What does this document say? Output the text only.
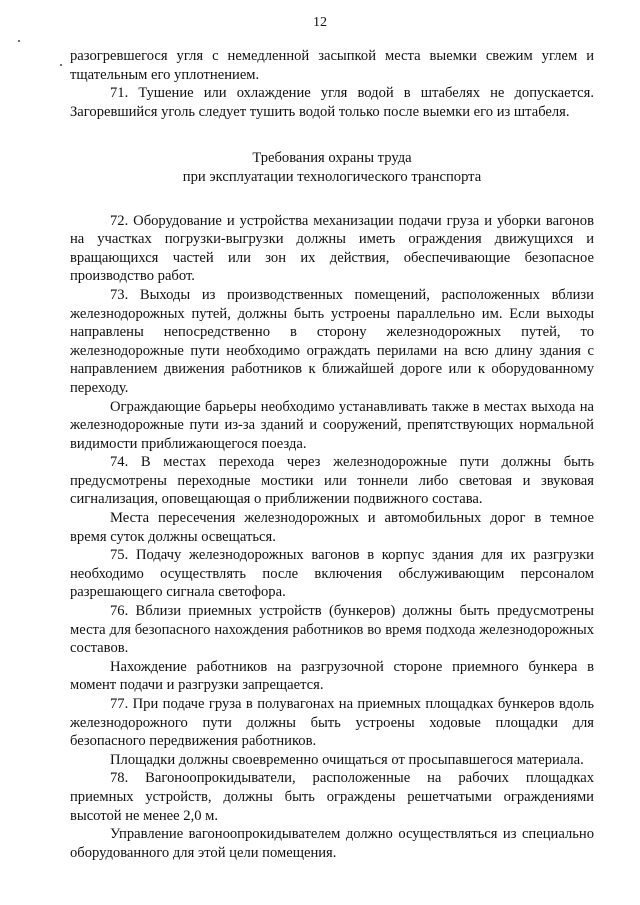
12

разогревшегося угля с немедленной засыпкой места выемки свежим углем и тщательным его уплотнением.

71. Тушение или охлаждение угля водой в штабелях не допускается. Загоревшийся уголь следует тушить водой только после выемки его из штабеля.

Требования охраны труда
при эксплуатации технологического транспорта

72. Оборудование и устройства механизации подачи груза и уборки вагонов на участках погрузки-выгрузки должны иметь ограждения движущихся и вращающихся частей или зон их действия, обеспечивающие безопасное производство работ.

73. Выходы из производственных помещений, расположенных вблизи железнодорожных путей, должны быть устроены параллельно им. Если выходы направлены непосредственно в сторону железнодорожных путей, то железнодорожные пути необходимо ограждать перилами на всю длину здания с направлением движения работников к ближайшей дороге или к оборудованному переходу.

Ограждающие барьеры необходимо устанавливать также в местах выхода на железнодорожные пути из-за зданий и сооружений, препятствующих нормальной видимости приближающегося поезда.

74. В местах перехода через железнодорожные пути должны быть предусмотрены переходные мостики или тоннели либо световая и звуковая сигнализация, оповещающая о приближении подвижного состава.

Места пересечения железнодорожных и автомобильных дорог в темное время суток должны освещаться.

75. Подачу железнодорожных вагонов в корпус здания для их разгрузки необходимо осуществлять после включения обслуживающим персоналом разрешающего сигнала светофора.

76. Вблизи приемных устройств (бункеров) должны быть предусмотрены места для безопасного нахождения работников во время подхода железнодорожных составов.

Нахождение работников на разгрузочной стороне приемного бункера в момент подачи и разгрузки запрещается.

77. При подаче груза в полувагонах на приемных площадках бункеров вдоль железнодорожного пути должны быть устроены ходовые площадки для безопасного передвижения работников.

Площадки должны своевременно очищаться от просыпавшегося материала.

78. Вагоноопрокидыватели, расположенные на рабочих площадках приемных устройств, должны быть ограждены решетчатыми ограждениями высотой не менее 2,0 м.

Управление вагоноопрокидывателем должно осуществляться из специально оборудованного для этой цели помещения.
